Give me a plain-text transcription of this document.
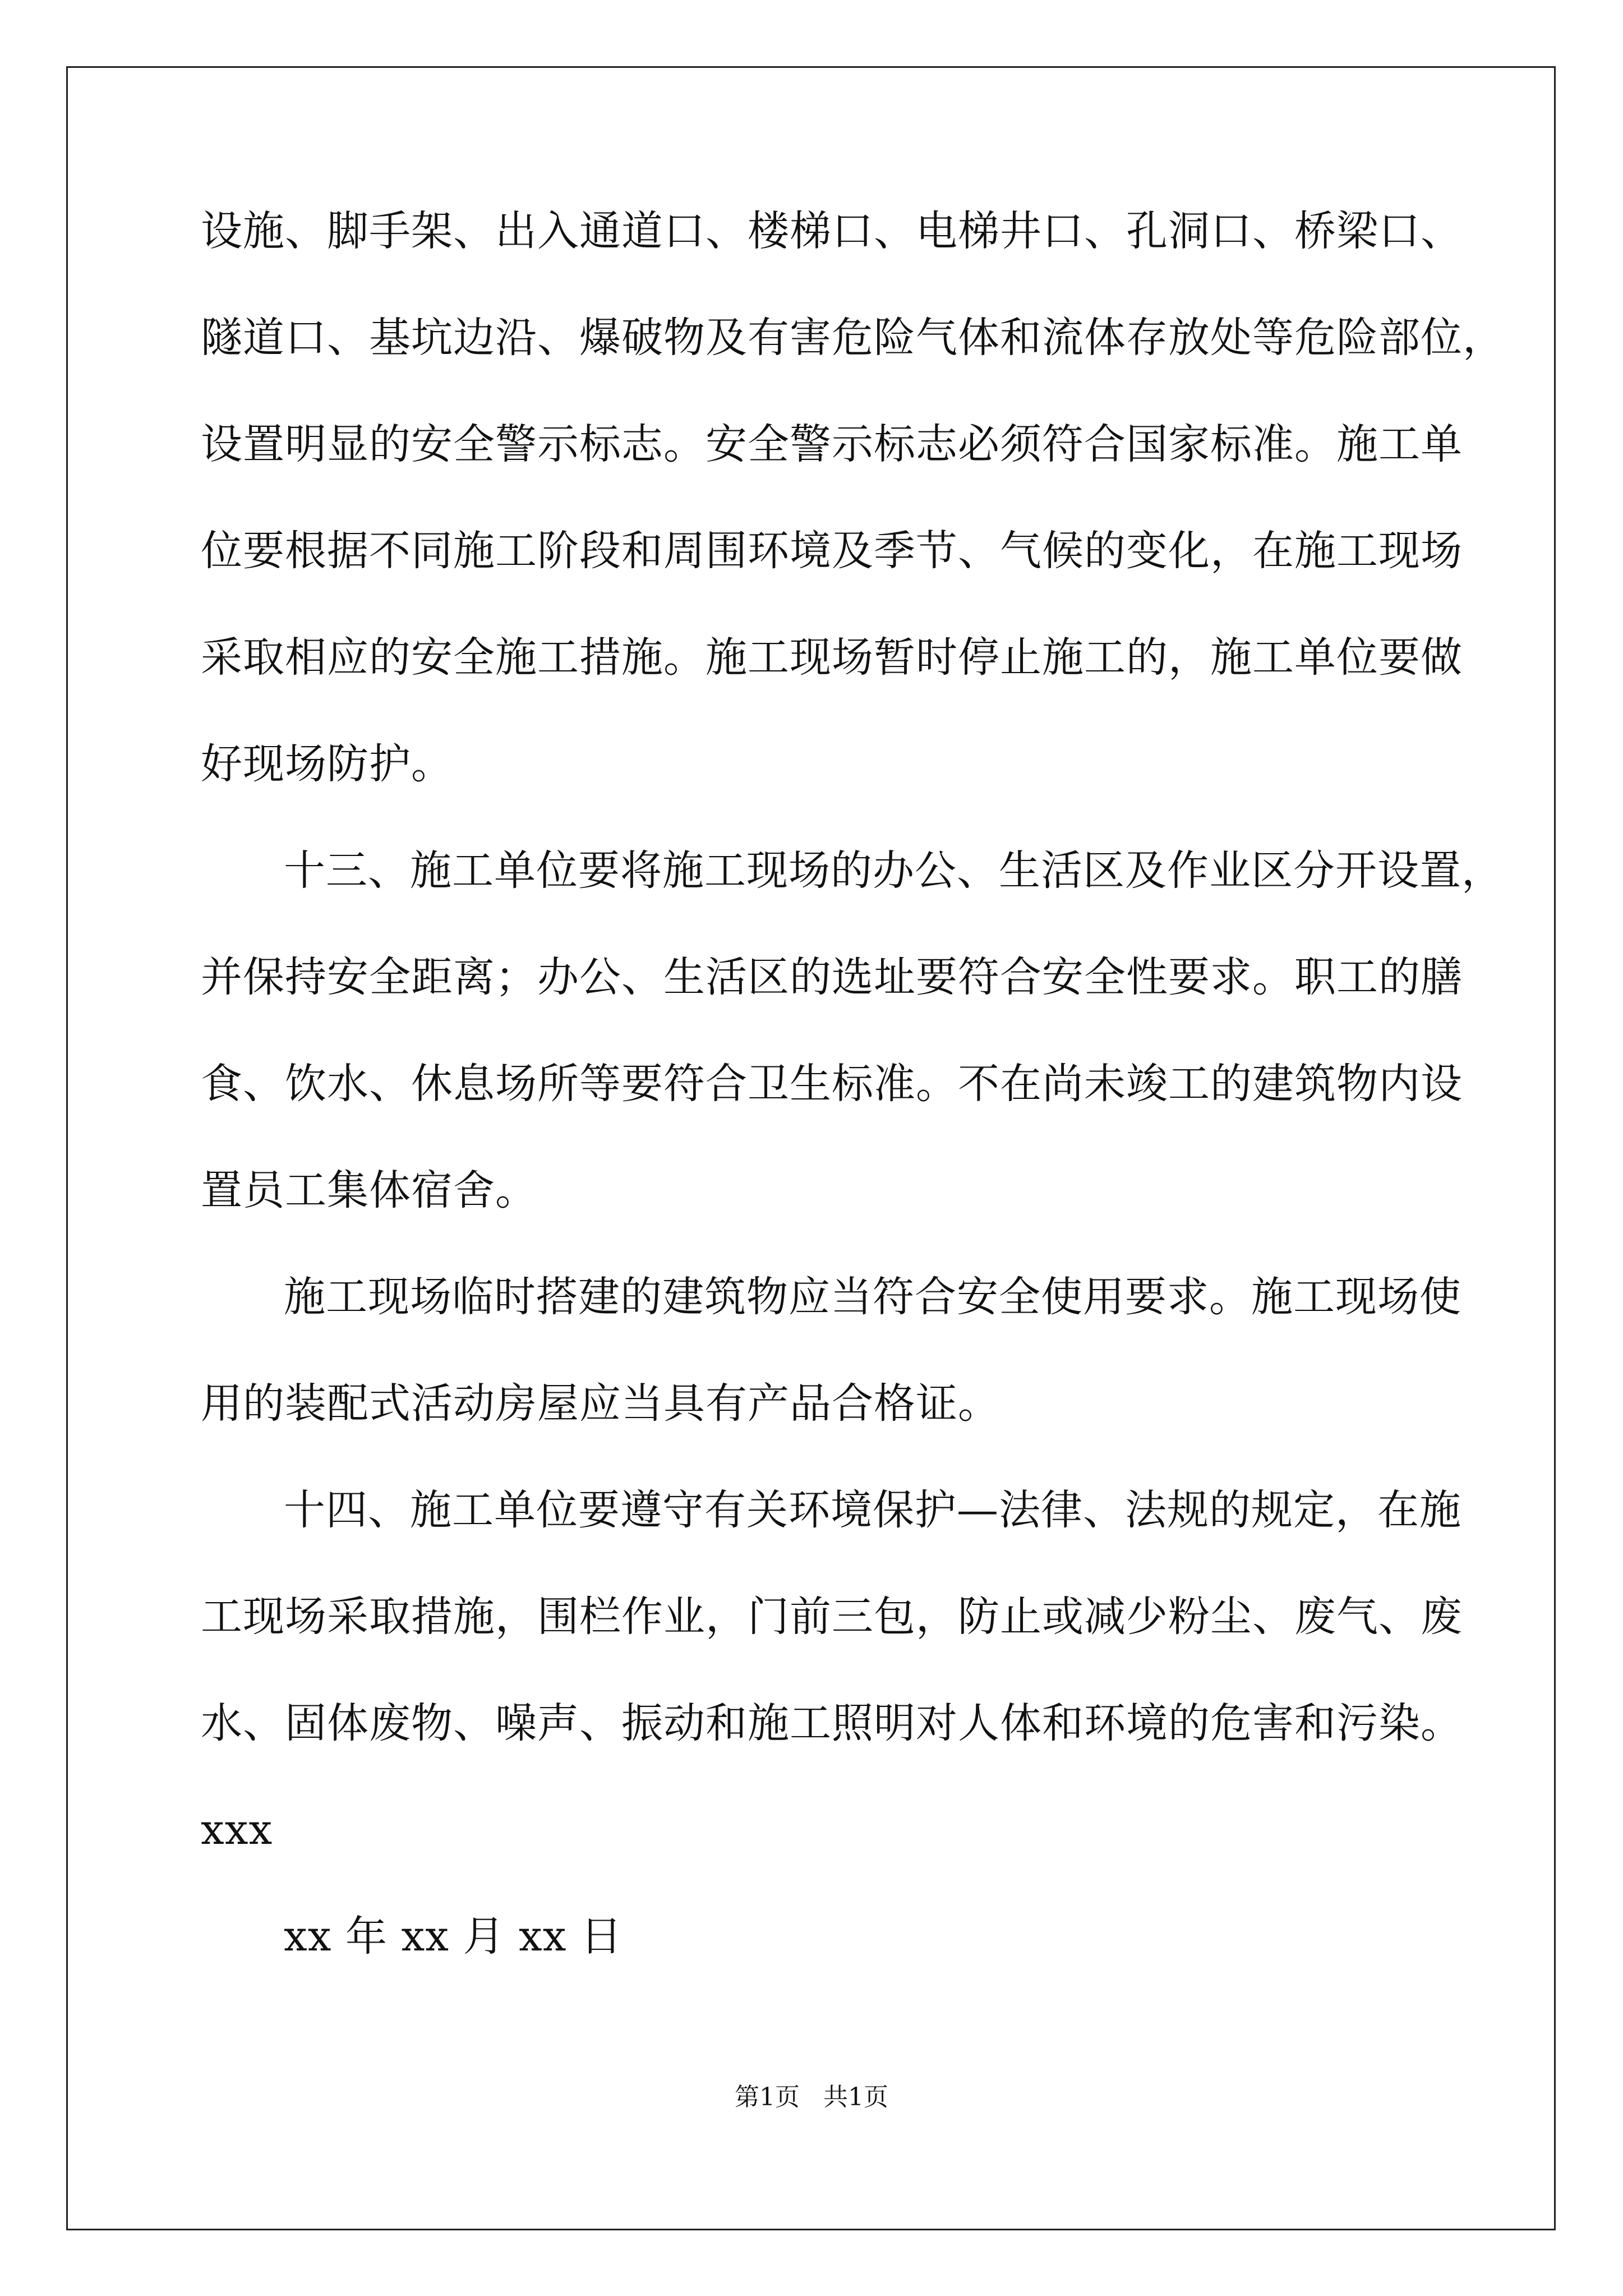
设施、脚手架、出入通道口、楼梯口、电梯井口、孔洞口、桥梁口、
隧道口、基坑边沿、爆破物及有害危险气体和流体存放处等危险部位，
设置明显的安全警示标志。安全警示标志必须符合国家标准。施工单
位要根据不同施工阶段和周围环境及季节、气候的变化，在施工现场
采取相应的安全施工措施。施工现场暂时停止施工的，施工单位要做
好现场防护。
十三、施工单位要将施工现场的办公、生活区及作业区分开设置，
并保持安全距离；办公、生活区的选址要符合安全性要求。职工的膳
食、饮水、休息场所等要符合卫生标准。不在尚未竣工的建筑物内设
置员工集体宿舍。
施工现场临时搭建的建筑物应当符合安全使用要求。施工现场使
用的装配式活动房屋应当具有产品合格证。
十四、施工单位要遵守有关环境保护—法律、法规的规定，在施
工现场采取措施，围栏作业，门前三包，防止或减少粉尘、废气、废
水、固体废物、噪声、振动和施工照明对人体和环境的危害和污染。
xxx
xx 年 xx 月 xx 日
第1页   共1页
